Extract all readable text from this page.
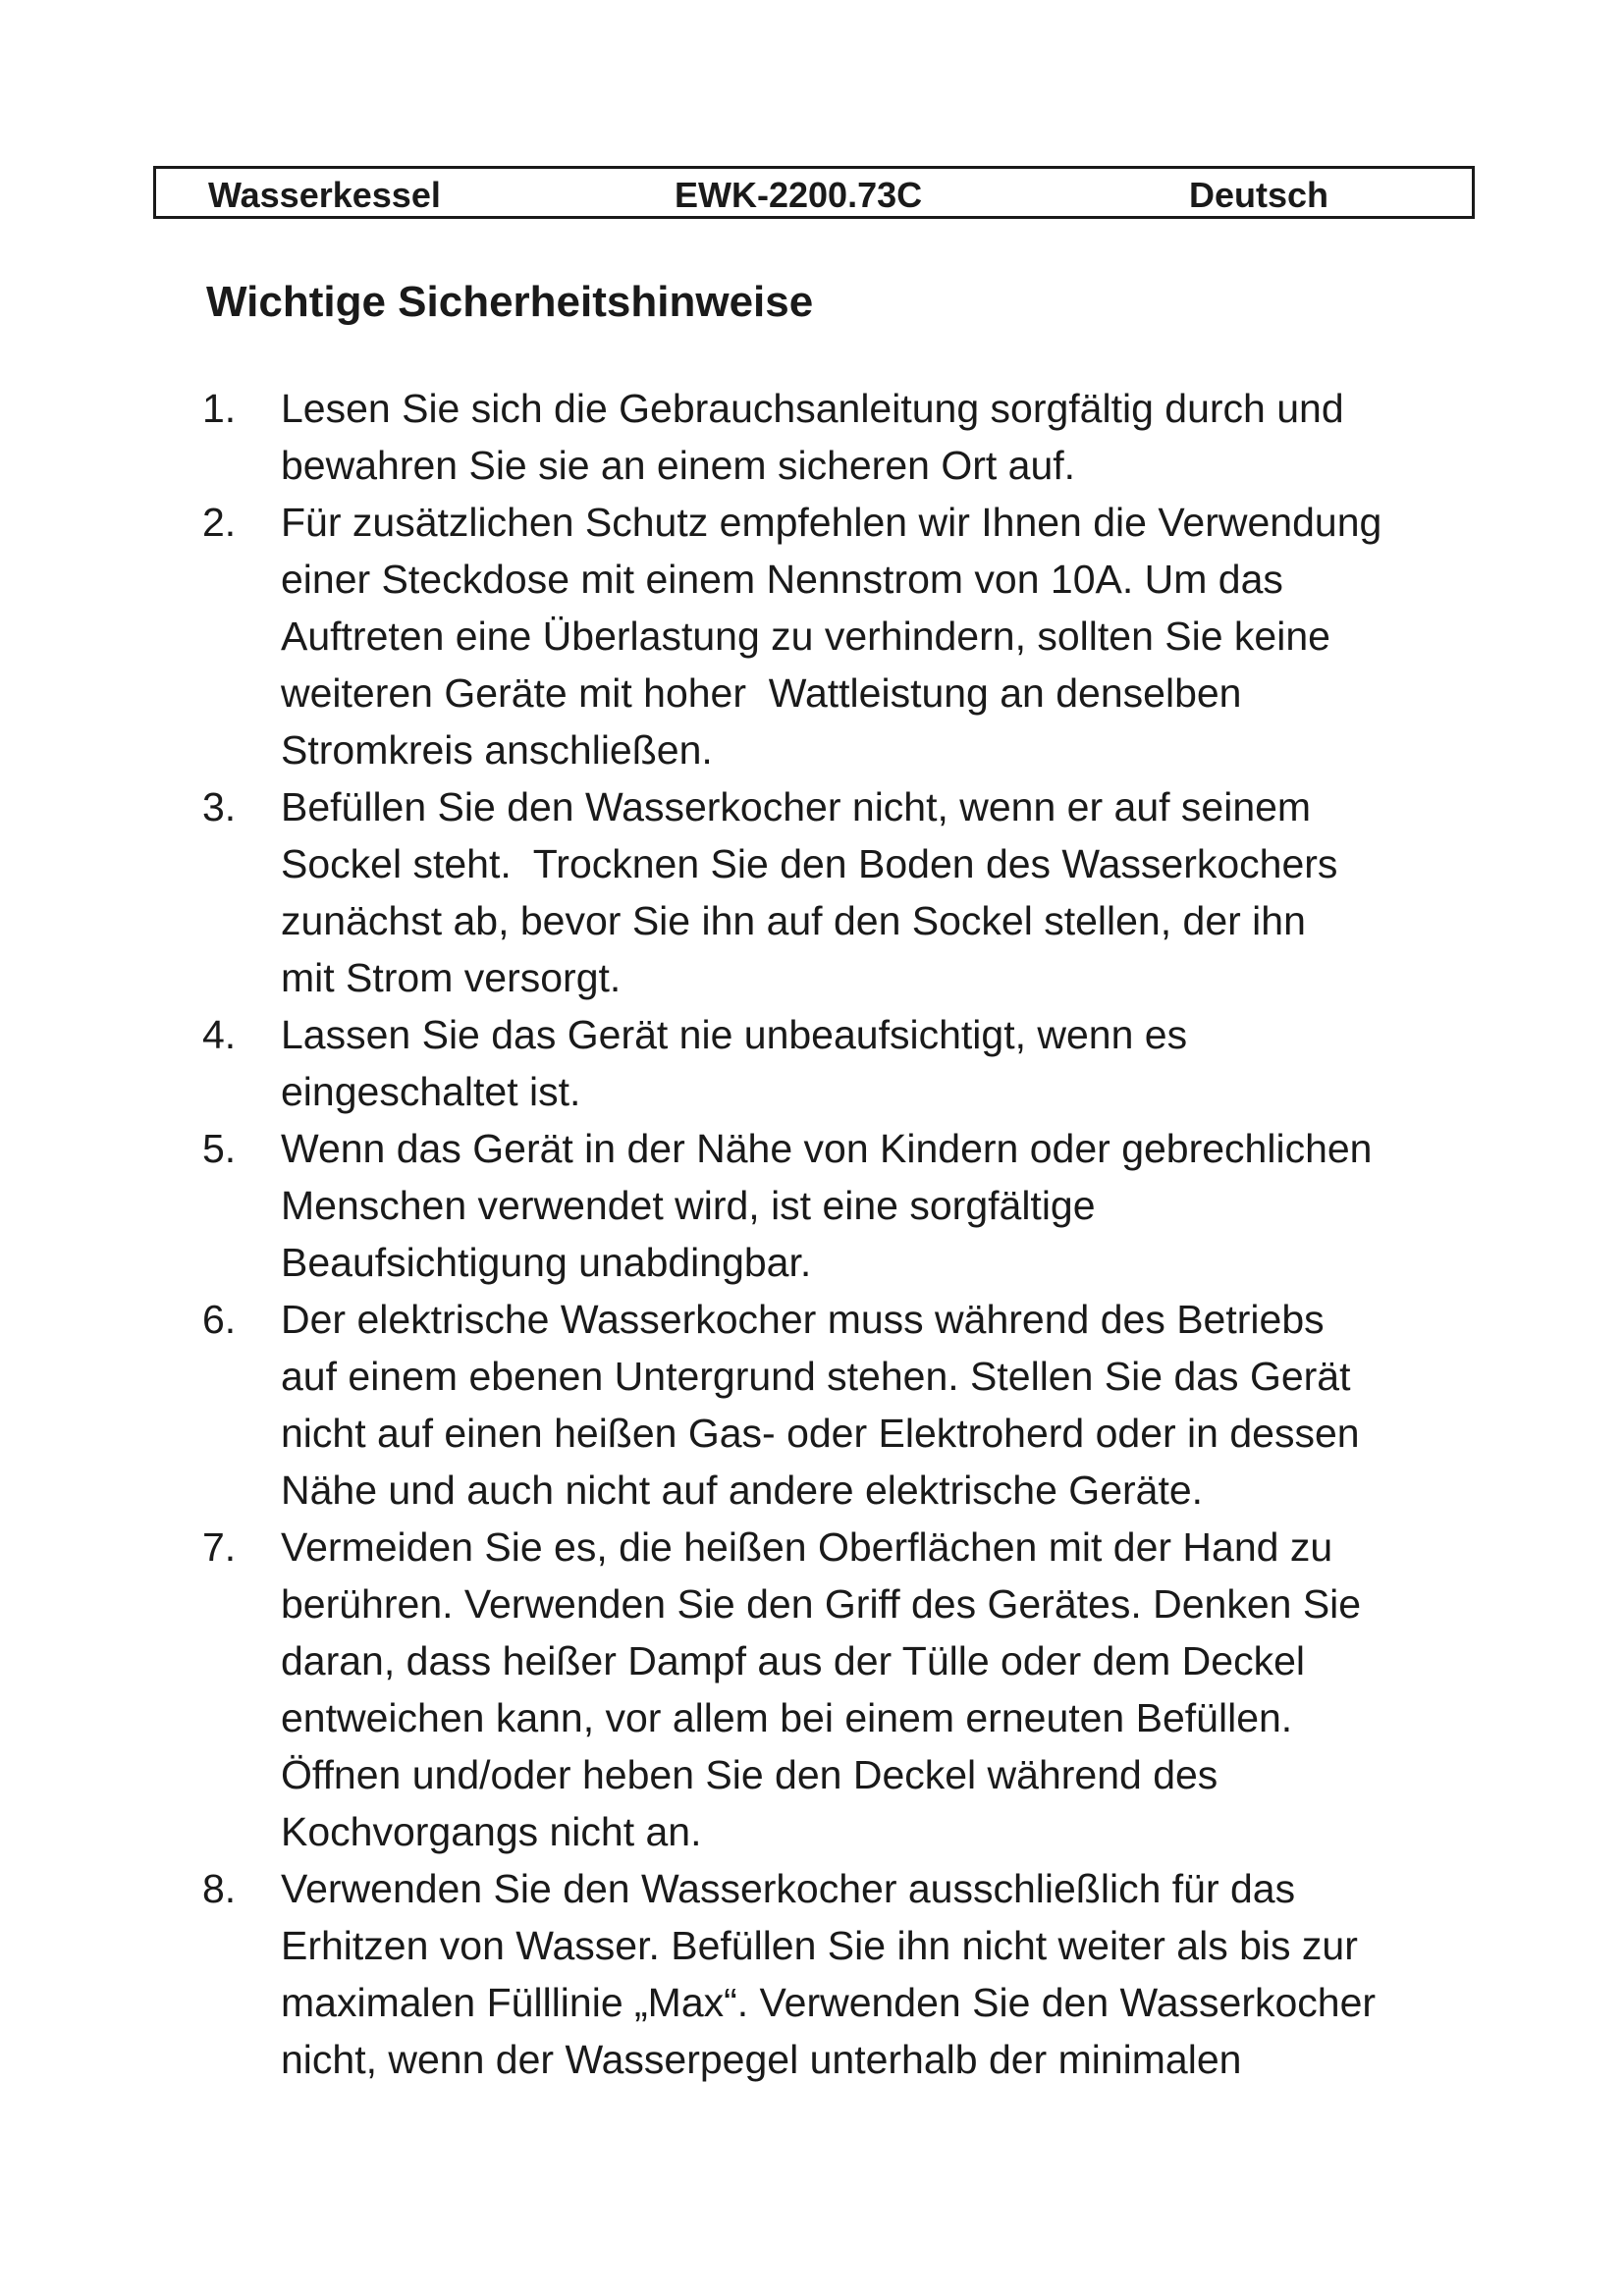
Wasserkessel	EWK-2200.73C	Deutsch
Wichtige Sicherheitshinweise
1. Lesen Sie sich die Gebrauchsanleitung sorgfältig durch und
bewahren Sie sie an einem sicheren Ort auf.
2. Für zusätzlichen Schutz empfehlen wir Ihnen die Verwendung
einer Steckdose mit einem Nennstrom von 10A. Um das
Auftreten eine Überlastung zu verhindern, sollten Sie keine
weiteren Geräte mit hoher  Wattleistung an denselben
Stromkreis anschließen.
3. Befüllen Sie den Wasserkocher nicht, wenn er auf seinem
Sockel steht.  Trocknen Sie den Boden des Wasserkochers
zunächst ab, bevor Sie ihn auf den Sockel stellen, der ihn
mit Strom versorgt.
4. Lassen Sie das Gerät nie unbeaufsichtigt, wenn es
eingeschaltet ist.
5. Wenn das Gerät in der Nähe von Kindern oder gebrechlichen
Menschen verwendet wird, ist eine sorgfältige
Beaufsichtigung unabdingbar.
6. Der elektrische Wasserkocher muss während des Betriebs
auf einem ebenen Untergrund stehen. Stellen Sie das Gerät
nicht auf einen heißen Gas- oder Elektroherd oder in dessen
Nähe und auch nicht auf andere elektrische Geräte.
7. Vermeiden Sie es, die heißen Oberflächen mit der Hand zu
berühren. Verwenden Sie den Griff des Gerätes. Denken Sie
daran, dass heißer Dampf aus der Tülle oder dem Deckel
entweichen kann, vor allem bei einem erneuten Befüllen.
Öffnen und/oder heben Sie den Deckel während des
Kochvorgangs nicht an.
8. Verwenden Sie den Wasserkocher ausschließlich für das
Erhitzen von Wasser. Befüllen Sie ihn nicht weiter als bis zur
maximalen Fülllinie „Max“. Verwenden Sie den Wasserkocher
nicht, wenn der Wasserpegel unterhalb der minimalen
